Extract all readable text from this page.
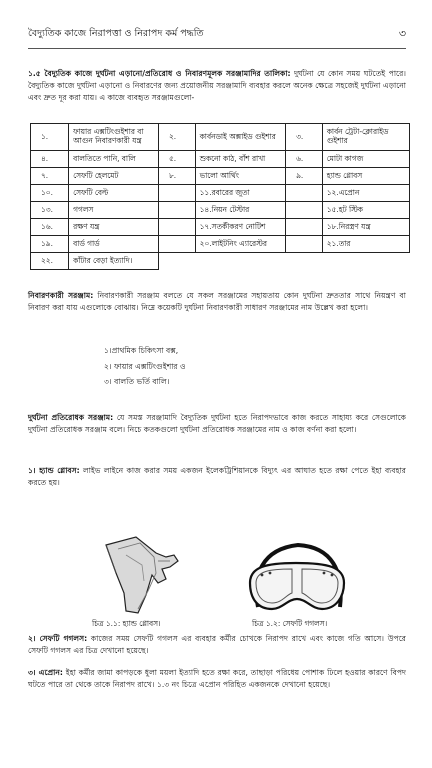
বৈদ্যুতিক কাজে নিরাপত্তা ও নিরাপদ কর্ম পদ্ধতি	৩

১.৫ বৈদ্যুতিক কাজে দুর্ঘটনা এড়ানো/প্রতিরোধ ও নিবারণমূলক সরঞ্জামাদির তালিকা: দুর্ঘটনা যে কোন সময় ঘটতেই পারে। বৈদ্যুতিক কাজে দুর্ঘটনা এড়ানো ও নিবারণের জন্য প্রয়োজনীয় সরঞ্জামাদি ব্যবহার করলে অনেক ক্ষেত্রে সহজেই দুর্ঘটনা এড়ানো এবং দ্রুত দূর করা যায়। এ কাজে ব্যবহৃত সরঞ্জামগুলো-

১.	ফায়ার এক্সটিংগুইশার বা আগুন নিবারণকারী যন্ত্র	২.	কার্বনডাই অক্সাইড গুইশার	৩.	কার্বন ট্রেটা-ক্লোরাইড গুইশার
৪.	বালতিতে পানি, বালি	৫.	শুকনো কাঠ, বাঁশ রাখা	৬.	মোটা কাগজ
৭.	সেফটি হেলমেট	৮.	ভালো আর্থিং	৯.	হ্যান্ড গ্লোবস
১০.	সেফটি বেল্ট		১১.রবারের জুতা		১২.এপ্রোন
১৩.	গগলস		১৪.নিয়ন টেস্টার		১৫.হট স্টিক
১৬.	রক্ষণ যন্ত্র		১৭.সতর্কীকরণ নোটিশ		১৮.নিরস্ত্রণ যন্ত্র
১৯.	বার্ড গার্ড		২০.লাইটনিং এ্যারেস্টর		২১.তার
২২.	কাঁটার বেড়া ইত্যাদি।				

নিবারণকারী সরঞ্জাম: নিবারণকারী সরঞ্জাম বলতে যে সকল সরঞ্জামের সহায়তায় কোন দুর্ঘটনা দ্রুততার সাথে নিয়ন্ত্রণ বা নিবারণ করা যায় এগুলোকে বোঝায়। নিম্নে কয়েকটি দুর্ঘটনা নিবারণকারী সাধারণ সরঞ্জামের নাম উল্লেখ করা হলো।

১।প্রাথমিক চিকিৎসা বক্স,
২। ফায়ার এক্সটিংগুইশার ও
৩। বালতি ভর্তি বালি।

দুর্ঘটনা প্রতিরোধক সরঞ্জাম: যে সমস্ত সরঞ্জামাদি বৈদ্যুতিক দুর্ঘটনা হতে নিরাপদভাবে কাজ করতে সাহায্য করে সেগুলোকে দুর্ঘটনা প্রতিরোধক সরঞ্জাম বলে। নিচে কতকগুলো দুর্ঘটনা প্রতিরোধক সরঞ্জামের নাম ও কাজ বর্ণনা করা হলো।

১। হ্যান্ড গ্লোবস: লাইভ লাইনে কাজ করার সময় একজন ইলেকট্রিশিয়ানকে বিদ্যুৎ এর আঘাত হতে রক্ষা পেতে ইহা ব্যবহার করতে হয়।

চিত্র ১.১: হ্যান্ড গ্লোবস।	চিত্র ১.২: সেফটি গগলস।

২। সেফটি গগলস: কাজের সময় সেফটি গগলস এর ব্যবহার কর্মীর চোখকে নিরাপদ রাখে এবং কাজে গতি আসে। উপরে সেফটি গগলস এর চিত্র দেখানো হয়েছে।

৩। এপ্রোন: ইহা কর্মীর জামা কাপড়কে ধুলা ময়লা ইত্যাদি হতে রক্ষা করে, তাছাড়া পরিধেয় পোশাক ঢিলে হওয়ার কারণে বিপদ ঘটতে পারে তা থেকে তাকে নিরাপদ রাখে। ১.৩ নং চিত্রে এপ্রোন পরিহিত একজনকে দেখানো হয়েছে।
